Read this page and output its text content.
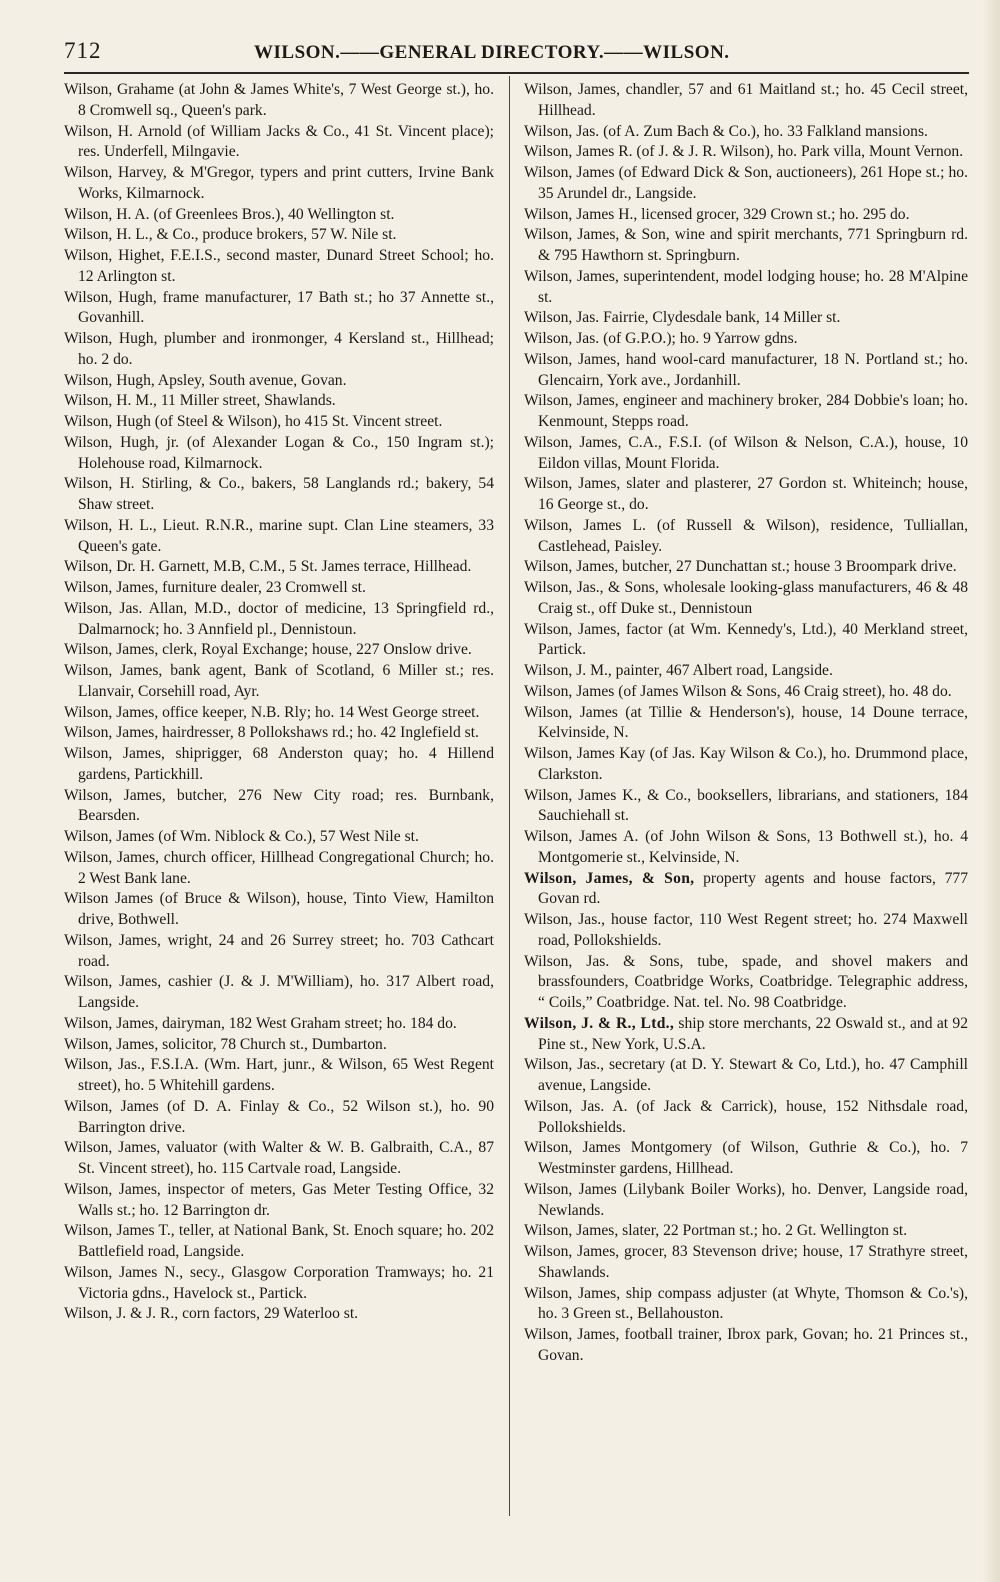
712	WILSON.——GENERAL DIRECTORY.——WILSON.

Wilson, Grahame (at John & James White's, 7 West George st.), ho. 8 Cromwell sq., Queen's park.

Wilson, H. Arnold (of William Jacks & Co., 41 St. Vincent place); res. Underfell, Milngavie.

Wilson, Harvey, & M'Gregor, typers and print cutters, Irvine Bank Works, Kilmarnock.

Wilson, H. A. (of Greenlees Bros.), 40 Wellington st.

Wilson, H. L., & Co., produce brokers, 57 W. Nile st.

Wilson, Highet, F.E.I.S., second master, Dunard Street School; ho. 12 Arlington st.

Wilson, Hugh, frame manufacturer, 17 Bath st.; ho 37 Annette st., Govanhill.

Wilson, Hugh, plumber and ironmonger, 4 Kersland st., Hillhead; ho. 2 do.

Wilson, Hugh, Apsley, South avenue, Govan.

Wilson, H. M., 11 Miller street, Shawlands.

Wilson, Hugh (of Steel & Wilson), ho 415 St. Vincent street.

Wilson, Hugh, jr. (of Alexander Logan & Co., 150 Ingram st.); Holehouse road, Kilmarnock.

Wilson, H. Stirling, & Co., bakers, 58 Langlands rd.; bakery, 54 Shaw street.

Wilson, H. L., Lieut. R.N.R., marine supt. Clan Line steamers, 33 Queen's gate.

Wilson, Dr. H. Garnett, M.B, C.M., 5 St. James terrace, Hillhead.

Wilson, James, furniture dealer, 23 Cromwell st.

Wilson, Jas. Allan, M.D., doctor of medicine, 13 Springfield rd., Dalmarnock; ho. 3 Annfield pl., Dennistoun.

Wilson, James, clerk, Royal Exchange; house, 227 Onslow drive.

Wilson, James, bank agent, Bank of Scotland, 6 Miller st.; res. Llanvair, Corsehill road, Ayr.

Wilson, James, office keeper, N.B. Rly; ho. 14 West George street.

Wilson, James, hairdresser, 8 Pollokshaws rd.; ho. 42 Inglefield st.

Wilson, James, shiprigger, 68 Anderston quay; ho. 4 Hillend gardens, Partickhill.

Wilson, James, butcher, 276 New City road; res. Burnbank, Bearsden.

Wilson, James (of Wm. Niblock & Co.), 57 West Nile st.

Wilson, James, church officer, Hillhead Congregational Church; ho. 2 West Bank lane.

Wilson James (of Bruce & Wilson), house, Tinto View, Hamilton drive, Bothwell.

Wilson, James, wright, 24 and 26 Surrey street; ho. 703 Cathcart road.

Wilson, James, cashier (J. & J. M'William), ho. 317 Albert road, Langside.

Wilson, James, dairyman, 182 West Graham street; ho. 184 do.

Wilson, James, solicitor, 78 Church st., Dumbarton.

Wilson, Jas., F.S.I.A. (Wm. Hart, junr., & Wilson, 65 West Regent street), ho. 5 Whitehill gardens.

Wilson, James (of D. A. Finlay & Co., 52 Wilson st.), ho. 90 Barrington drive.

Wilson, James, valuator (with Walter & W. B. Galbraith, C.A., 87 St. Vincent street), ho. 115 Cartvale road, Langside.

Wilson, James, inspector of meters, Gas Meter Testing Office, 32 Walls st.; ho. 12 Barrington dr.

Wilson, James T., teller, at National Bank, St. Enoch square; ho. 202 Battlefield road, Langside.

Wilson, James N., secy., Glasgow Corporation Tramways; ho. 21 Victoria gdns., Havelock st., Partick.

Wilson, J. & J. R., corn factors, 29 Waterloo st.

Wilson, James, chandler, 57 and 61 Maitland st.; ho. 45 Cecil street, Hillhead.

Wilson, Jas. (of A. Zum Bach & Co.), ho. 33 Falkland mansions.

Wilson, James R. (of J. & J. R. Wilson), ho. Park villa, Mount Vernon.

Wilson, James (of Edward Dick & Son, auctioneers), 261 Hope st.; ho. 35 Arundel dr., Langside.

Wilson, James H., licensed grocer, 329 Crown st.; ho. 295 do.

Wilson, James, & Son, wine and spirit merchants, 771 Springburn rd. & 795 Hawthorn st. Springburn.

Wilson, James, superintendent, model lodging house; ho. 28 M'Alpine st.

Wilson, Jas. Fairrie, Clydesdale bank, 14 Miller st.

Wilson, Jas. (of G.P.O.); ho. 9 Yarrow gdns.

Wilson, James, hand wool-card manufacturer, 18 N. Portland st.; ho. Glencairn, York ave., Jordanhill.

Wilson, James, engineer and machinery broker, 284 Dobbie's loan; ho. Kenmount, Stepps road.

Wilson, James, C.A., F.S.I. (of Wilson & Nelson, C.A.), house, 10 Eildon villas, Mount Florida.

Wilson, James, slater and plasterer, 27 Gordon st. Whiteinch; house, 16 George st., do.

Wilson, James L. (of Russell & Wilson), residence, Tulliallan, Castlehead, Paisley.

Wilson, James, butcher, 27 Dunchattan st.; house 3 Broompark drive.

Wilson, Jas., & Sons, wholesale looking-glass manufacturers, 46 & 48 Craig st., off Duke st., Dennistoun

Wilson, James, factor (at Wm. Kennedy's, Ltd.), 40 Merkland street, Partick.

Wilson, J. M., painter, 467 Albert road, Langside.

Wilson, James (of James Wilson & Sons, 46 Craig street), ho. 48 do.

Wilson, James (at Tillie & Henderson's), house, 14 Doune terrace, Kelvinside, N.

Wilson, James Kay (of Jas. Kay Wilson & Co.), ho. Drummond place, Clarkston.

Wilson, James K., & Co., booksellers, librarians, and stationers, 184 Sauchiehall st.

Wilson, James A. (of John Wilson & Sons, 13 Bothwell st.), ho. 4 Montgomerie st., Kelvinside, N.

Wilson, James, & Son, property agents and house factors, 777 Govan rd.

Wilson, Jas., house factor, 110 West Regent street; ho. 274 Maxwell road, Pollokshields.

Wilson, Jas. & Sons, tube, spade, and shovel makers and brassfounders, Coatbridge Works, Coatbridge. Telegraphic address, “ Coils,” Coatbridge. Nat. tel. No. 98 Coatbridge.

Wilson, J. & R., Ltd., ship store merchants, 22 Oswald st., and at 92 Pine st., New York, U.S.A.

Wilson, Jas., secretary (at D. Y. Stewart & Co, Ltd.), ho. 47 Camphill avenue, Langside.

Wilson, Jas. A. (of Jack & Carrick), house, 152 Nithsdale road, Pollokshields.

Wilson, James Montgomery (of Wilson, Guthrie & Co.), ho. 7 Westminster gardens, Hillhead.

Wilson, James (Lilybank Boiler Works), ho. Denver, Langside road, Newlands.

Wilson, James, slater, 22 Portman st.; ho. 2 Gt. Wellington st.

Wilson, James, grocer, 83 Stevenson drive; house, 17 Strathyre street, Shawlands.

Wilson, James, ship compass adjuster (at Whyte, Thomson & Co.'s), ho. 3 Green st., Bellahouston.

Wilson, James, football trainer, Ibrox park, Govan; ho. 21 Princes st., Govan.
